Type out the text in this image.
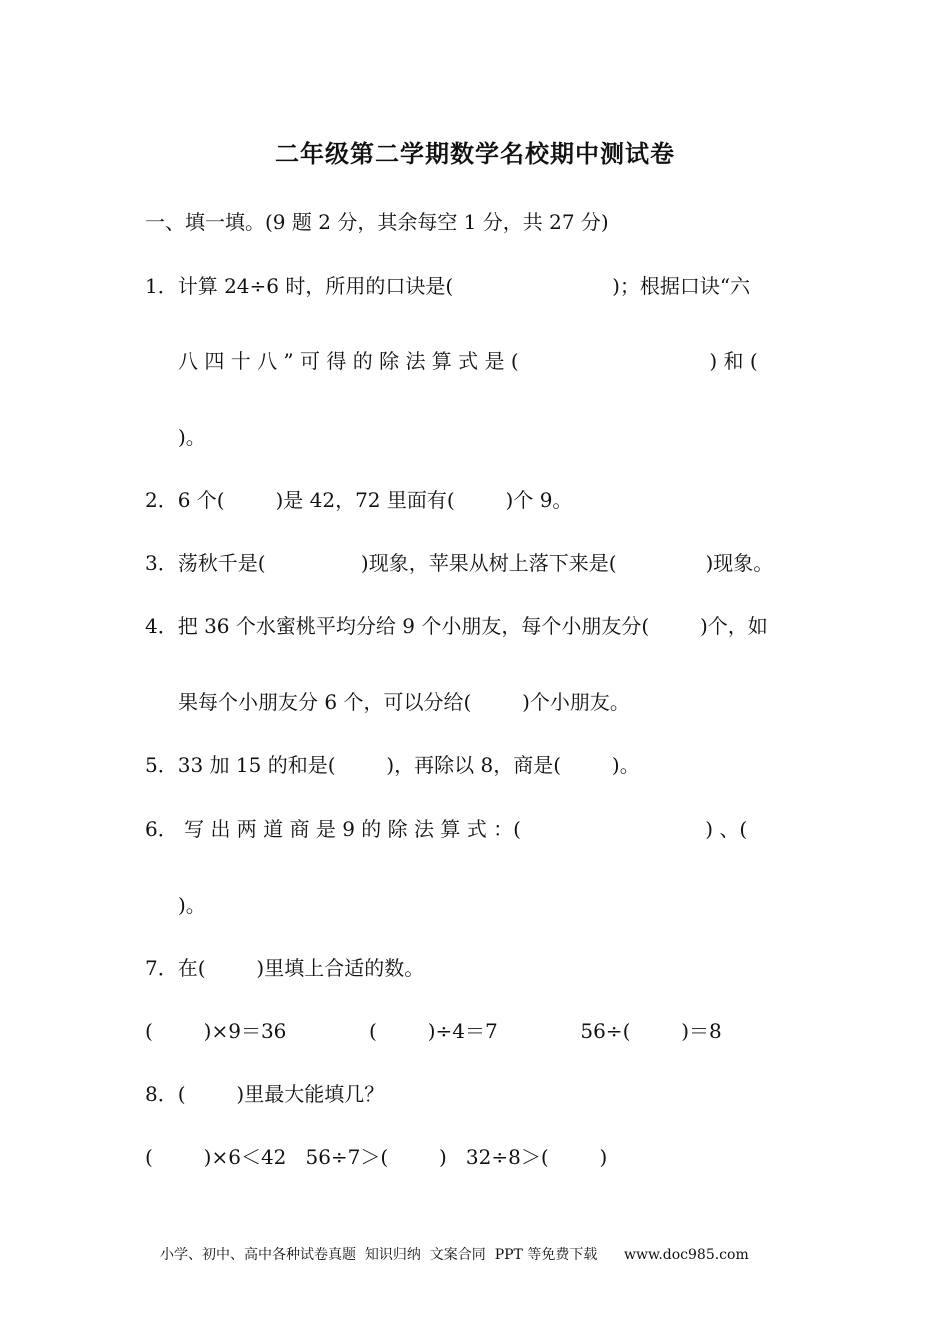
二年级第二学期数学名校期中测试卷
一、填一填。(9 题 2 分，其余每空 1 分，共 27 分)
1．计算 24÷6 时，所用的口诀是(                         )；根据口诀“六
八 四 十 八 ” 可 得 的 除 法 算 式 是 (                              ) 和 (
)。
2．6 个(        )是 42，72 里面有(        )个 9。
3．荡秋千是(               )现象，苹果从树上落下来是(              )现象。
4．把 36 个水蜜桃平均分给 9 个小朋友，每个小朋友分(        )个，如
果每个小朋友分 6 个，可以分给(        )个小朋友。
5．33 加 15 的和是(        )，再除以 8，商是(        )。
6． 写 出 两 道 商 是 9 的 除 法 算 式 ：(                             ) 、(
)。
7．在(        )里填上合适的数。
(        )×9＝36             (        )÷4＝7             56÷(        )＝8
8．(        )里最大能填几？
(        )×6＜42   56÷7＞(        )   32÷8＞(        )
小学、初中、高中各种试卷真题  知识归纳  文案合同  PPT 等免费下载      www.doc985.com
